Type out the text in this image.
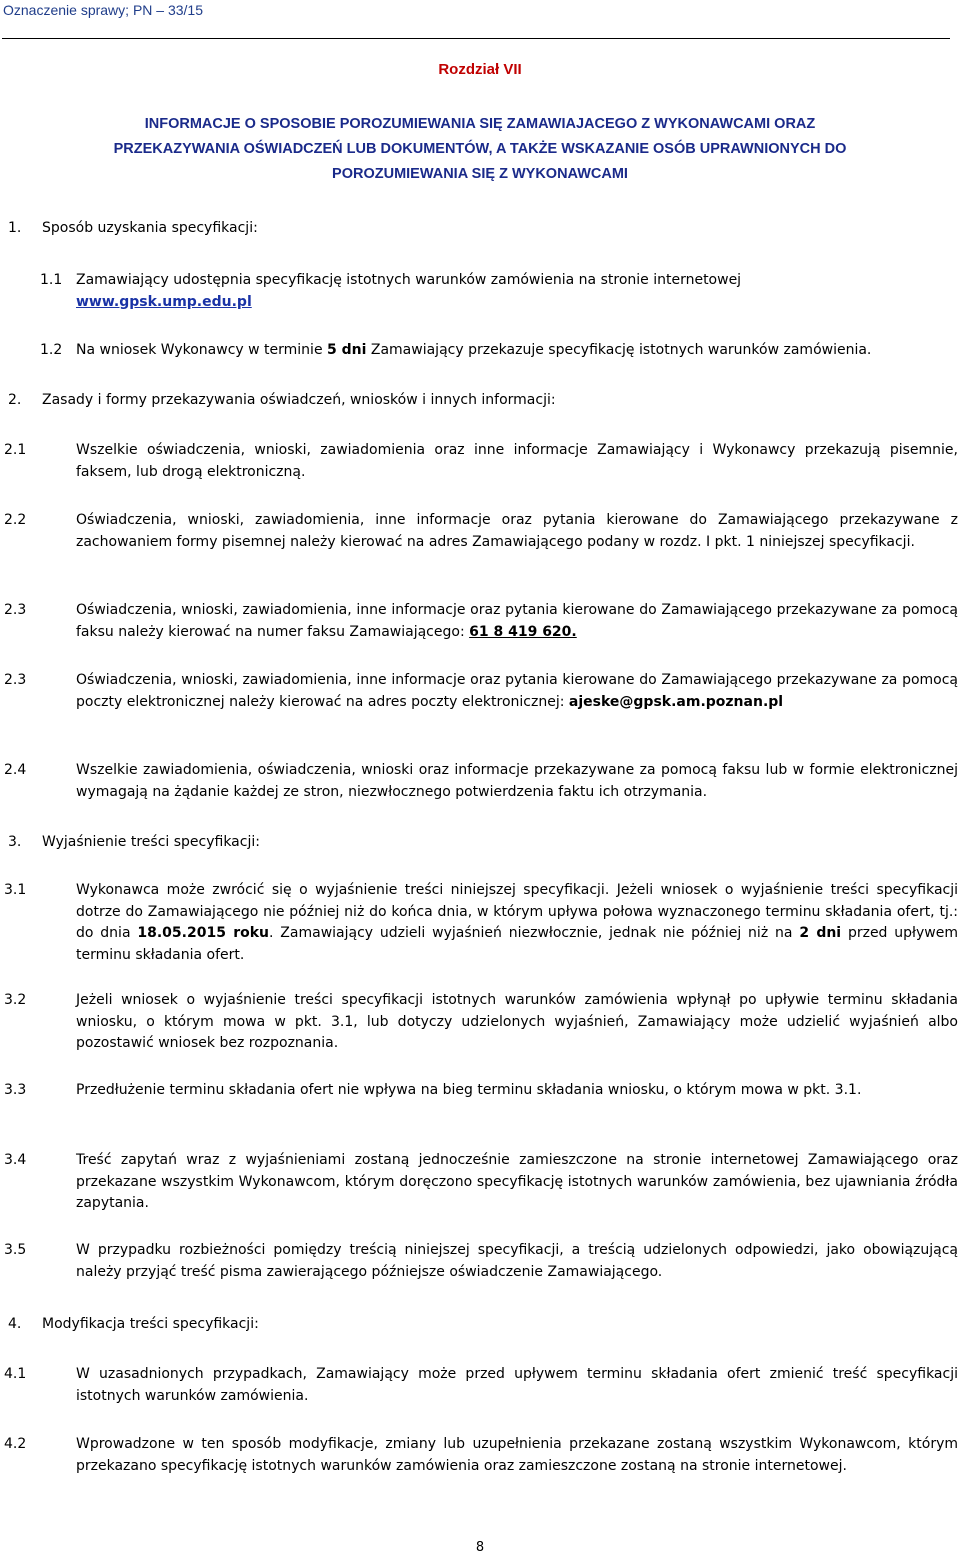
Oznaczenie sprawy; PN – 33/15
Rozdział VII
INFORMACJE O SPOSOBIE POROZUMIEWANIA SIĘ ZAMAWIAJACEGO Z WYKONAWCAMI ORAZ
PRZEKAZYWANIA OŚWIADCZEŃ LUB DOKUMENTÓW, A TAKŻE WSKAZANIE OSÓB UPRAWNIONYCH DO
POROZUMIEWANIA SIĘ Z WYKONAWCAMI
1. Sposób uzyskania specyfikacji:
1.1 Zamawiający udostępnia specyfikację istotnych warunków zamówienia na stronie internetowej
www.gpsk.ump.edu.pl
1.2 Na wniosek Wykonawcy w terminie 5 dni Zamawiający przekazuje specyfikację istotnych warunków zamówienia.
2. Zasady i formy przekazywania oświadczeń, wniosków i innych informacji:
2.1	Wszelkie oświadczenia, wnioski, zawiadomienia oraz inne informacje Zamawiający i Wykonawcy przekazują pisemnie, faksem, lub drogą elektroniczną.
2.2	Oświadczenia, wnioski, zawiadomienia, inne informacje oraz pytania kierowane do Zamawiającego przekazywane z zachowaniem formy pisemnej należy kierować na adres Zamawiającego podany w rozdz. I pkt. 1 niniejszej specyfikacji.
2.3	Oświadczenia, wnioski, zawiadomienia, inne informacje oraz pytania kierowane do Zamawiającego przekazywane za pomocą faksu należy kierować na numer faksu Zamawiającego: 61 8 419 620.
2.3	Oświadczenia, wnioski, zawiadomienia, inne informacje oraz pytania kierowane do Zamawiającego przekazywane za pomocą poczty elektronicznej należy kierować na adres poczty elektronicznej: ajeske@gpsk.am.poznan.pl
2.4	Wszelkie zawiadomienia, oświadczenia, wnioski oraz informacje przekazywane za pomocą faksu lub w formie elektronicznej wymagają na żądanie każdej ze stron, niezwłocznego potwierdzenia faktu ich otrzymania.
3. Wyjaśnienie treści specyfikacji:
3.1	Wykonawca może zwrócić się o wyjaśnienie treści niniejszej specyfikacji. Jeżeli wniosek o wyjaśnienie treści specyfikacji dotrze do Zamawiającego nie później niż do końca dnia, w którym upływa połowa wyznaczonego terminu składania ofert, tj.: do dnia 18.05.2015 roku. Zamawiający udzieli wyjaśnień niezwłocznie, jednak nie później niż na 2 dni przed upływem terminu składania ofert.
3.2	Jeżeli wniosek o wyjaśnienie treści specyfikacji istotnych warunków zamówienia wpłynął po upływie terminu składania wniosku, o którym mowa w pkt. 3.1, lub dotyczy udzielonych wyjaśnień, Zamawiający może udzielić wyjaśnień albo pozostawić wniosek bez rozpoznania.
3.3	Przedłużenie terminu składania ofert nie wpływa na bieg terminu składania wniosku, o którym mowa w pkt. 3.1.
3.4	Treść zapytań wraz z wyjaśnieniami zostaną jednocześnie zamieszczone na stronie internetowej Zamawiającego oraz przekazane wszystkim Wykonawcom, którym doręczono specyfikację istotnych warunków zamówienia, bez ujawniania źródła zapytania.
3.5	W przypadku rozbieżności pomiędzy treścią niniejszej specyfikacji, a treścią udzielonych odpowiedzi, jako obowiązującą należy przyjąć treść pisma zawierającego późniejsze oświadczenie Zamawiającego.
4. Modyfikacja treści specyfikacji:
4.1	W uzasadnionych przypadkach, Zamawiający może przed upływem terminu składania ofert zmienić treść specyfikacji istotnych warunków zamówienia.
4.2	Wprowadzone w ten sposób modyfikacje, zmiany lub uzupełnienia przekazane zostaną wszystkim Wykonawcom, którym przekazano specyfikację istotnych warunków zamówienia oraz zamieszczone zostaną na stronie internetowej.
8
